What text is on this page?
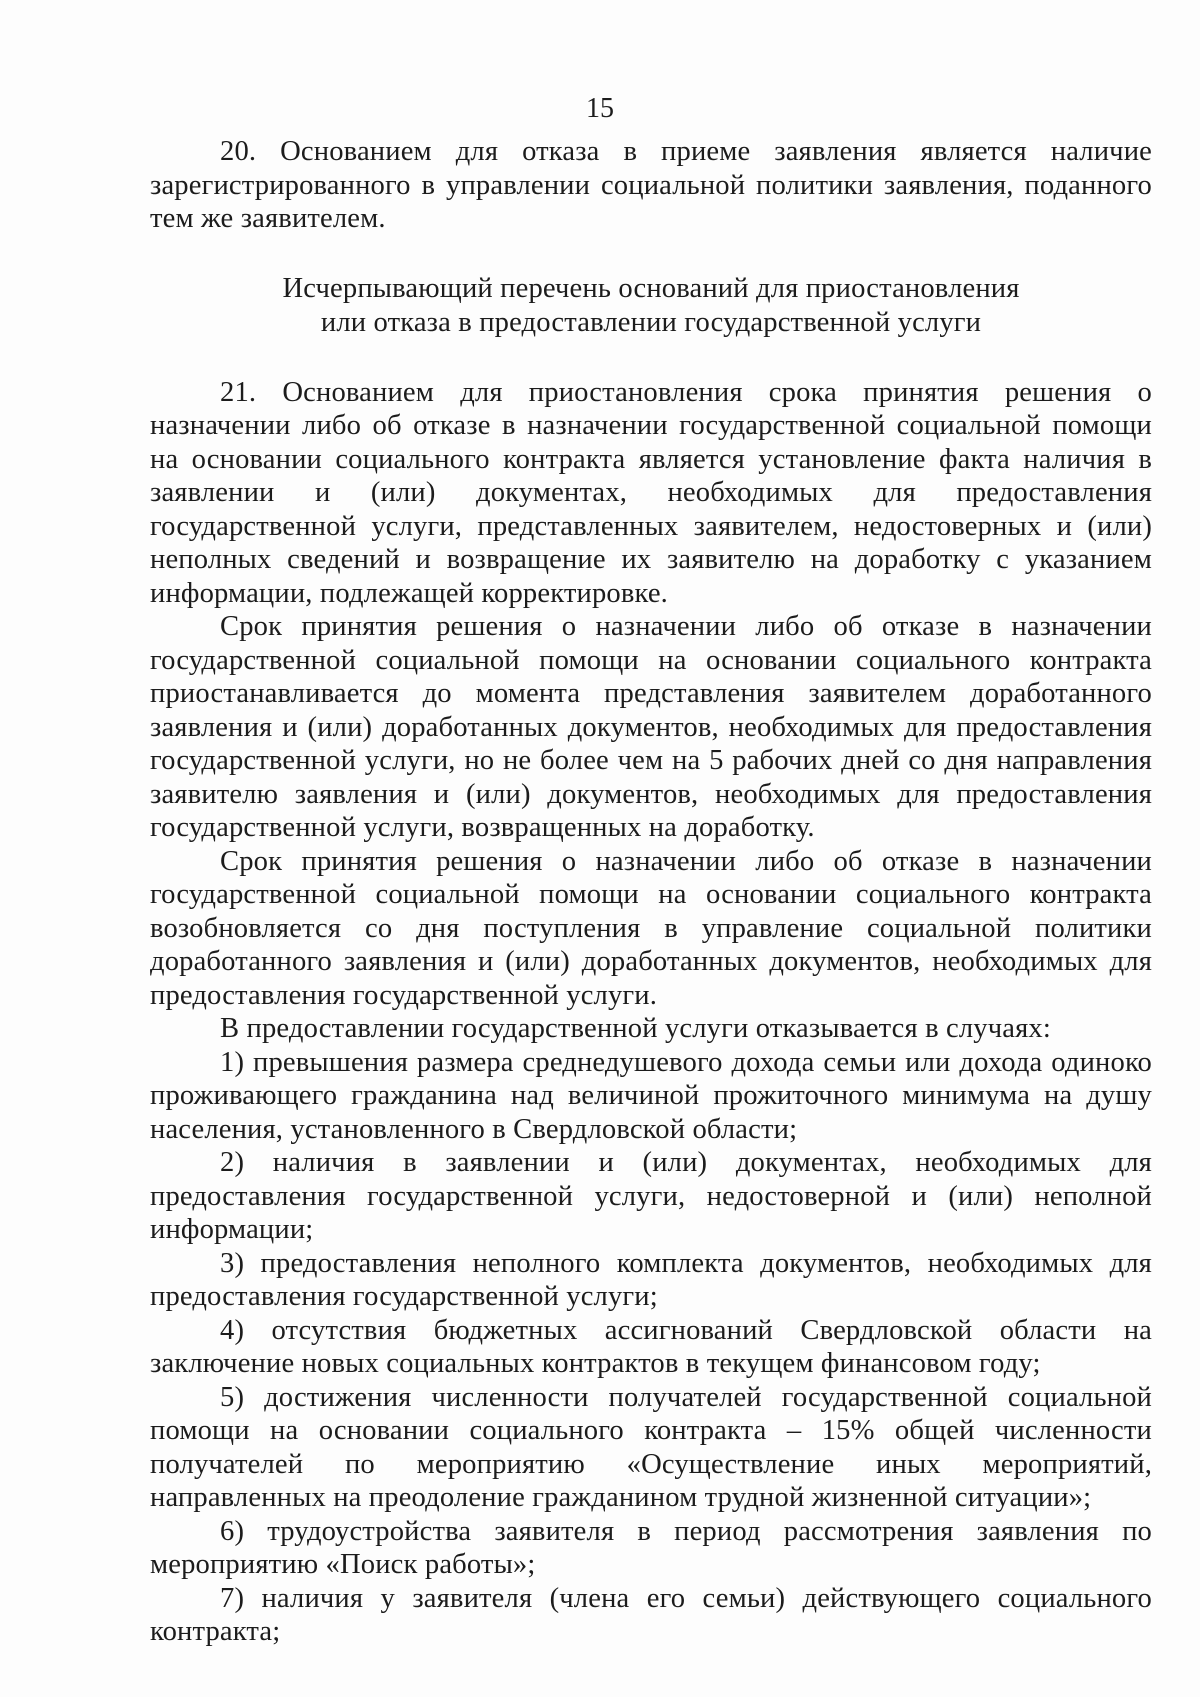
15

20. Основанием для отказа в приеме заявления является наличие зарегистрированного в управлении социальной политики заявления, поданного тем же заявителем.

Исчерпывающий перечень оснований для приостановления
или отказа в предоставлении государственной услуги

21. Основанием для приостановления срока принятия решения о назначении либо об отказе в назначении государственной социальной помощи на основании социального контракта является установление факта наличия в заявлении и (или) документах, необходимых для предоставления государственной услуги, представленных заявителем, недостоверных и (или) неполных сведений и возвращение их заявителю на доработку с указанием информации, подлежащей корректировке.

Срок принятия решения о назначении либо об отказе в назначении государственной социальной помощи на основании социального контракта приостанавливается до момента представления заявителем доработанного заявления и (или) доработанных документов, необходимых для предоставления государственной услуги, но не более чем на 5 рабочих дней со дня направления заявителю заявления и (или) документов, необходимых для предоставления государственной услуги, возвращенных на доработку.

Срок принятия решения о назначении либо об отказе в назначении государственной социальной помощи на основании социального контракта возобновляется со дня поступления в управление социальной политики доработанного заявления и (или) доработанных документов, необходимых для предоставления государственной услуги.

В предоставлении государственной услуги отказывается в случаях:

1) превышения размера среднедушевого дохода семьи или дохода одиноко проживающего гражданина над величиной прожиточного минимума на душу населения, установленного в Свердловской области;

2) наличия в заявлении и (или) документах, необходимых для предоставления государственной услуги, недостоверной и (или) неполной информации;

3) предоставления неполного комплекта документов, необходимых для предоставления государственной услуги;

4) отсутствия бюджетных ассигнований Свердловской области на заключение новых социальных контрактов в текущем финансовом году;

5) достижения численности получателей государственной социальной помощи на основании социального контракта – 15% общей численности получателей по мероприятию «Осуществление иных мероприятий, направленных на преодоление гражданином трудной жизненной ситуации»;

6) трудоустройства заявителя в период рассмотрения заявления по мероприятию «Поиск работы»;

7) наличия у заявителя (члена его семьи) действующего социального контракта;
